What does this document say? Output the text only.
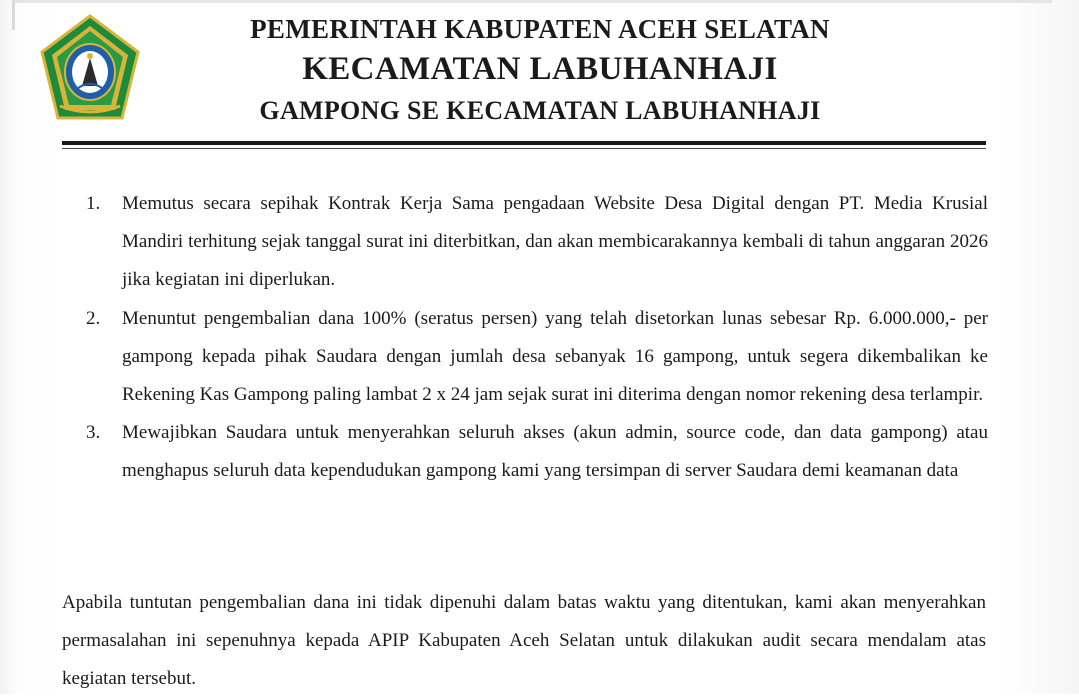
PEMERINTAH KABUPATEN ACEH SELATAN
KECAMATAN LABUHANHAJI
GAMPONG SE KECAMATAN LABUHANHAJI
1. Memutus secara sepihak Kontrak Kerja Sama pengadaan Website Desa Digital dengan PT. Media Krusial Mandiri terhitung sejak tanggal surat ini diterbitkan, dan akan membicarakannya kembali di tahun anggaran 2026 jika kegiatan ini diperlukan.
2. Menuntut pengembalian dana 100% (seratus persen) yang telah disetorkan lunas sebesar Rp. 6.000.000,- per gampong kepada pihak Saudara dengan jumlah desa sebanyak 16 gampong, untuk segera dikembalikan ke Rekening Kas Gampong paling lambat 2 x 24 jam sejak surat ini diterima dengan nomor rekening desa terlampir.
3. Mewajibkan Saudara untuk menyerahkan seluruh akses (akun admin, source code, dan data gampong) atau menghapus seluruh data kependudukan gampong kami yang tersimpan di server Saudara demi keamanan data
Apabila tuntutan pengembalian dana ini tidak dipenuhi dalam batas waktu yang ditentukan, kami akan menyerahkan permasalahan ini sepenuhnya kepada APIP Kabupaten Aceh Selatan untuk dilakukan audit secara mendalam atas kegiatan tersebut.
